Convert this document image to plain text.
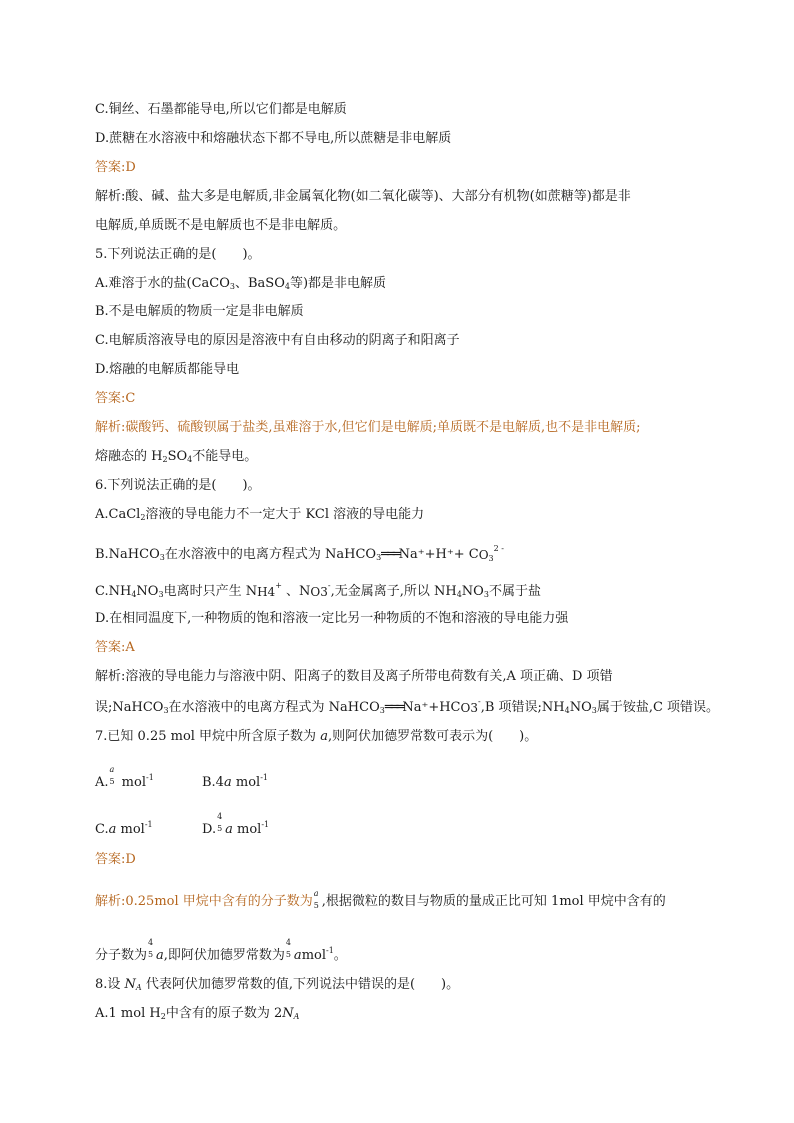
C.铜丝、石墨都能导电,所以它们都是电解质
D.蔗糖在水溶液中和熔融状态下都不导电,所以蔗糖是非电解质
答案:D
解析:酸、碱、盐大多是电解质,非金属氧化物(如二氧化碳等)、大部分有机物(如蔗糖等)都是非
电解质,单质既不是电解质也不是非电解质。
5.下列说法正确的是(　　)。
A.难溶于水的盐(CaCO$_3$、BaSO$_4$等)都是非电解质
B.不是电解质的物质一定是非电解质
C.电解质溶液导电的原因是溶液中有自由移动的阴离子和阳离子
D.熔融的电解质都能导电
答案:C
解析:碳酸钙、硫酸钡属于盐类,虽难溶于水,但它们是电解质;单质既不是电解质,也不是非电解质;
熔融态的 $H_2SO_4$不能导电。
6.下列说法正确的是(　　)。
A.CaCl$_2$溶液的导电能力不一定大于 KCl 溶液的导电能力
B.NaHCO$_3$在水溶液中的电离方程式为 NaHCO$_3$═══Na⁺+H⁺+ $CO_3^{2 -}$
$C.NH_4NO_3$电离时只产生 NH4+ 、NO3-,无金属离子,所以 $NH_4NO_3$不属于盐
D.在相同温度下,一种物质的饱和溶液一定比另一种物质的不饱和溶液的导电能力强
答案:A
解析:溶液的导电能力与溶液中阴、阳离子的数目及离子所带电荷数有关,A 项正确、D 项错
误;NaHCO$_3$在水溶液中的电离方程式为 NaHCO$_3$═══Na⁺+HCO3-,B 项错误$;NH_4NO_3$属于铵盐,C 项错误。
7.已知 0.25 mol 甲烷中所含原子数为 a,则阿伏加德罗常数可表示为(　　)。
A.
a
5 mol$^{-1}$	B.4a mol$^{-1}$
C.a mol$^{-1}$	D.
4
5 a mol$^{-1}$
答案:D
解析:0.25mol 甲烷中含有的分子数为
a
5 ,根据微粒的数目与物质的量成正比可知 1mol 甲烷中含有的
分子数为
4
5 a,即阿伏加德罗常数为
4
5 amol$^{-1}$。
8.设 $N_A$ 代表阿伏加德罗常数的值,下列说法中错误的是(　　)。
A.1 mol $H_2$中含有的原子数为 $2N_A$
